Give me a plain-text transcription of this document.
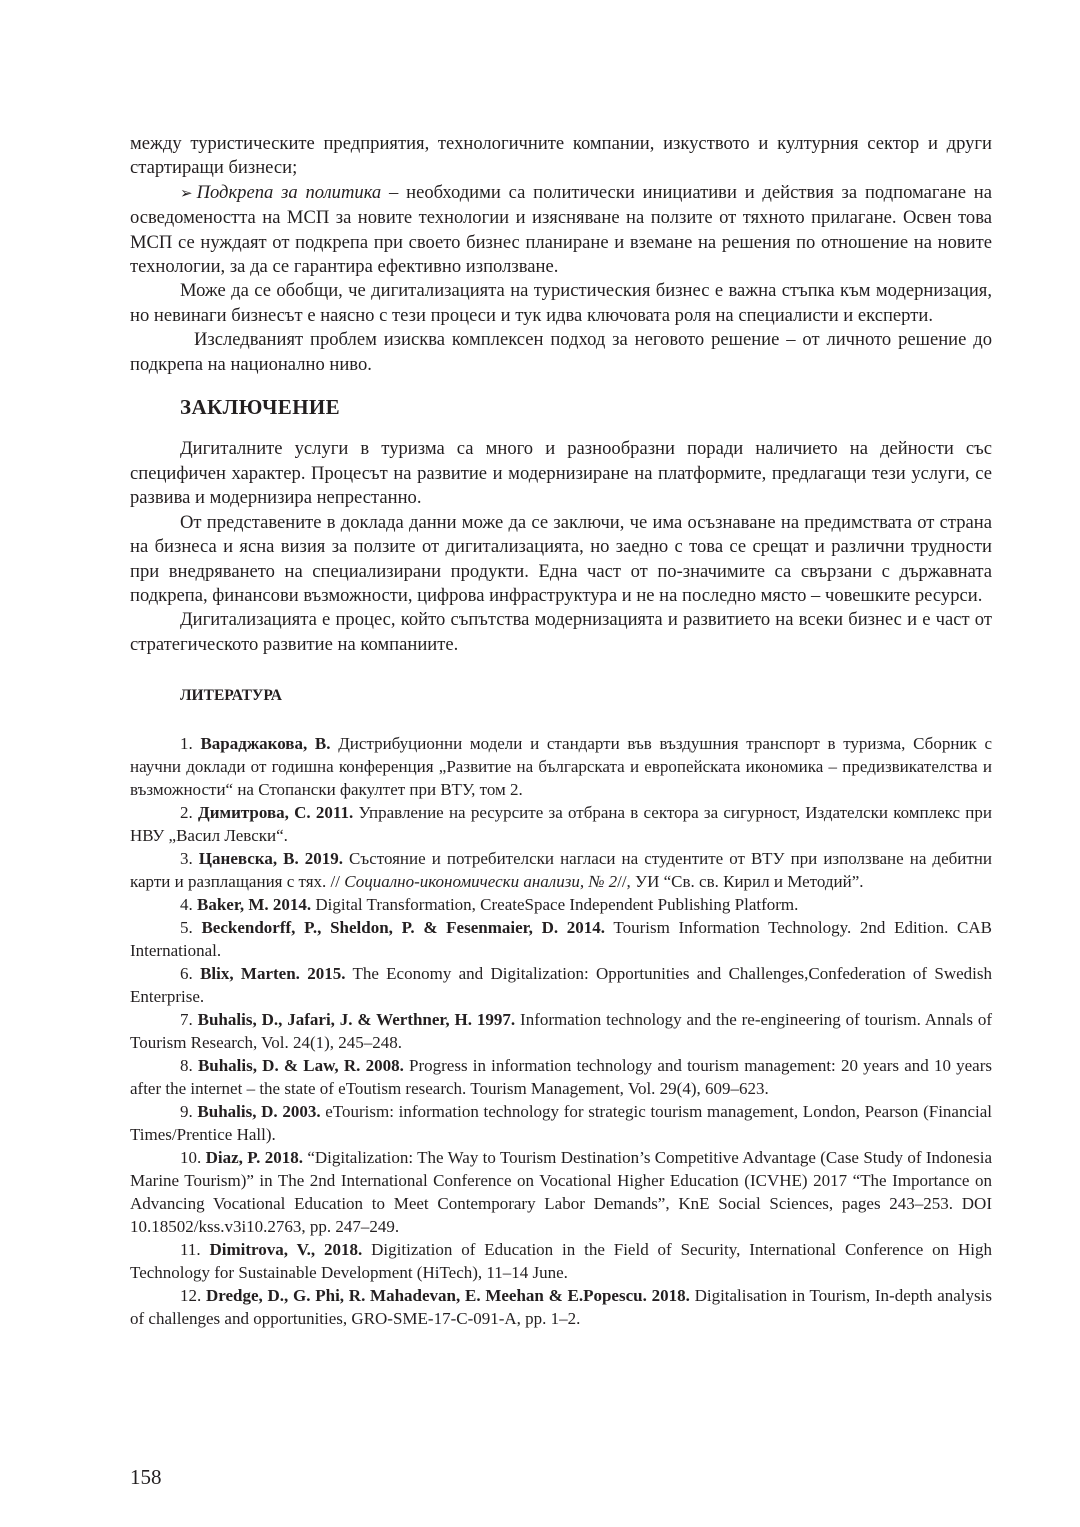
между туристическите предприятия, технологичните компании, изкуството и културния сектор и други стартиращи бизнеси;

➢ Подкрепа за политика – необходими са политически инициативи и действия за подпомагане на осведомеността на МСП за новите технологии и изясняване на ползите от тяхното прилагане. Освен това МСП се нуждаят от подкрепа при своето бизнес планиране и вземане на решения по отношение на новите технологии, за да се гарантира ефективно използване.

Може да се обобщи, че дигитализацията на туристическия бизнес е важна стъпка към модернизация, но невинаги бизнесът е наясно с тези процеси и тук идва ключовата роля на специалисти и експерти.

Изследваният проблем изисква комплексен подход за неговото решение – от личното решение до подкрепа на национално ниво.

ЗАКЛЮЧЕНИЕ

Дигиталните услуги в туризма са много и разнообразни поради наличието на дейности със специфичен характер. Процесът на развитие и модернизиране на платформите, предлагащи тези услуги, се развива и модернизира непрестанно.

От представените в доклада данни може да се заключи, че има осъзнаване на предимствата от страна на бизнеса и ясна визия за ползите от дигитализацията, но заедно с това се срещат и различни трудности при внедряването на специализирани продукти. Една част от по-значимите са свързани с държавната подкрепа, финансови възможности, цифрова инфраструктура и не на последно място – човешките ресурси.

Дигитализацията е процес, който съпътства модернизацията и развитието на всеки бизнес и е част от стратегическото развитие на компаниите.

ЛИТЕРАТУРА

1. Вараджакова, В. Дистрибуционни модели и стандарти във въздушния транспорт в туризма, Сборник с научни доклади от годишна конференция „Развитие на българската и европейската икономика – предизвикателства и възможности“ на Стопански факултет при ВТУ, том 2.

2. Димитрова, С. 2011. Управление на ресурсите за отбрана в сектора за сигурност, Издателски комплекс при НВУ „Васил Левски“.

3. Цаневска, В. 2019. Състояние и потребителски нагласи на студентите от ВТУ при използване на дебитни карти и разплащания с тях. // Социално-икономически анализи, № 2//, УИ “Св. св. Кирил и Методий”.

4. Baker, M. 2014. Digital Transformation, CreateSpace Independent Publishing Platform.

5. Beckendorff, P., Sheldon, P. & Fesenmaier, D. 2014. Tourism Information Technology. 2nd Edition. CAB International.

6. Blix, Marten. 2015. The Economy and Digitalization: Opportunities and Challenges,Confederation of Swedish Enterprise.

7. Buhalis, D., Jafari, J. & Werthner, H. 1997. Information technology and the re-engineering of tourism. Annals of Tourism Research, Vol. 24(1), 245–248.

8. Buhalis, D. & Law, R. 2008. Progress in information technology and tourism management: 20 years and 10 years after the internet – the state of eToutism research. Tourism Management, Vol. 29(4), 609–623.

9. Buhalis, D. 2003. eTourism: information technology for strategic tourism management, London, Pearson (Financial Times/Prentice Hall).

10. Diaz, P. 2018. “Digitalization: The Way to Tourism Destination’s Competitive Advantage (Case Study of Indonesia Marine Tourism)” in The 2nd International Conference on Vocational Higher Education (ICVHE) 2017 “The Importance on Advancing Vocational Education to Meet Contemporary Labor Demands”, KnE Social Sciences, pages 243–253. DOI 10.18502/kss.v3i10.2763, pp. 247–249.

11. Dimitrova, V., 2018. Digitization of Education in the Field of Security, International Conference on High Technology for Sustainable Development (HiTech), 11–14 June.

12. Dredge, D., G. Phi, R. Mahadevan, E. Meehan & E.Popescu. 2018. Digitalisation in Tourism, In-depth analysis of challenges and opportunities, GRO-SME-17-C-091-A, pp. 1–2.

158
